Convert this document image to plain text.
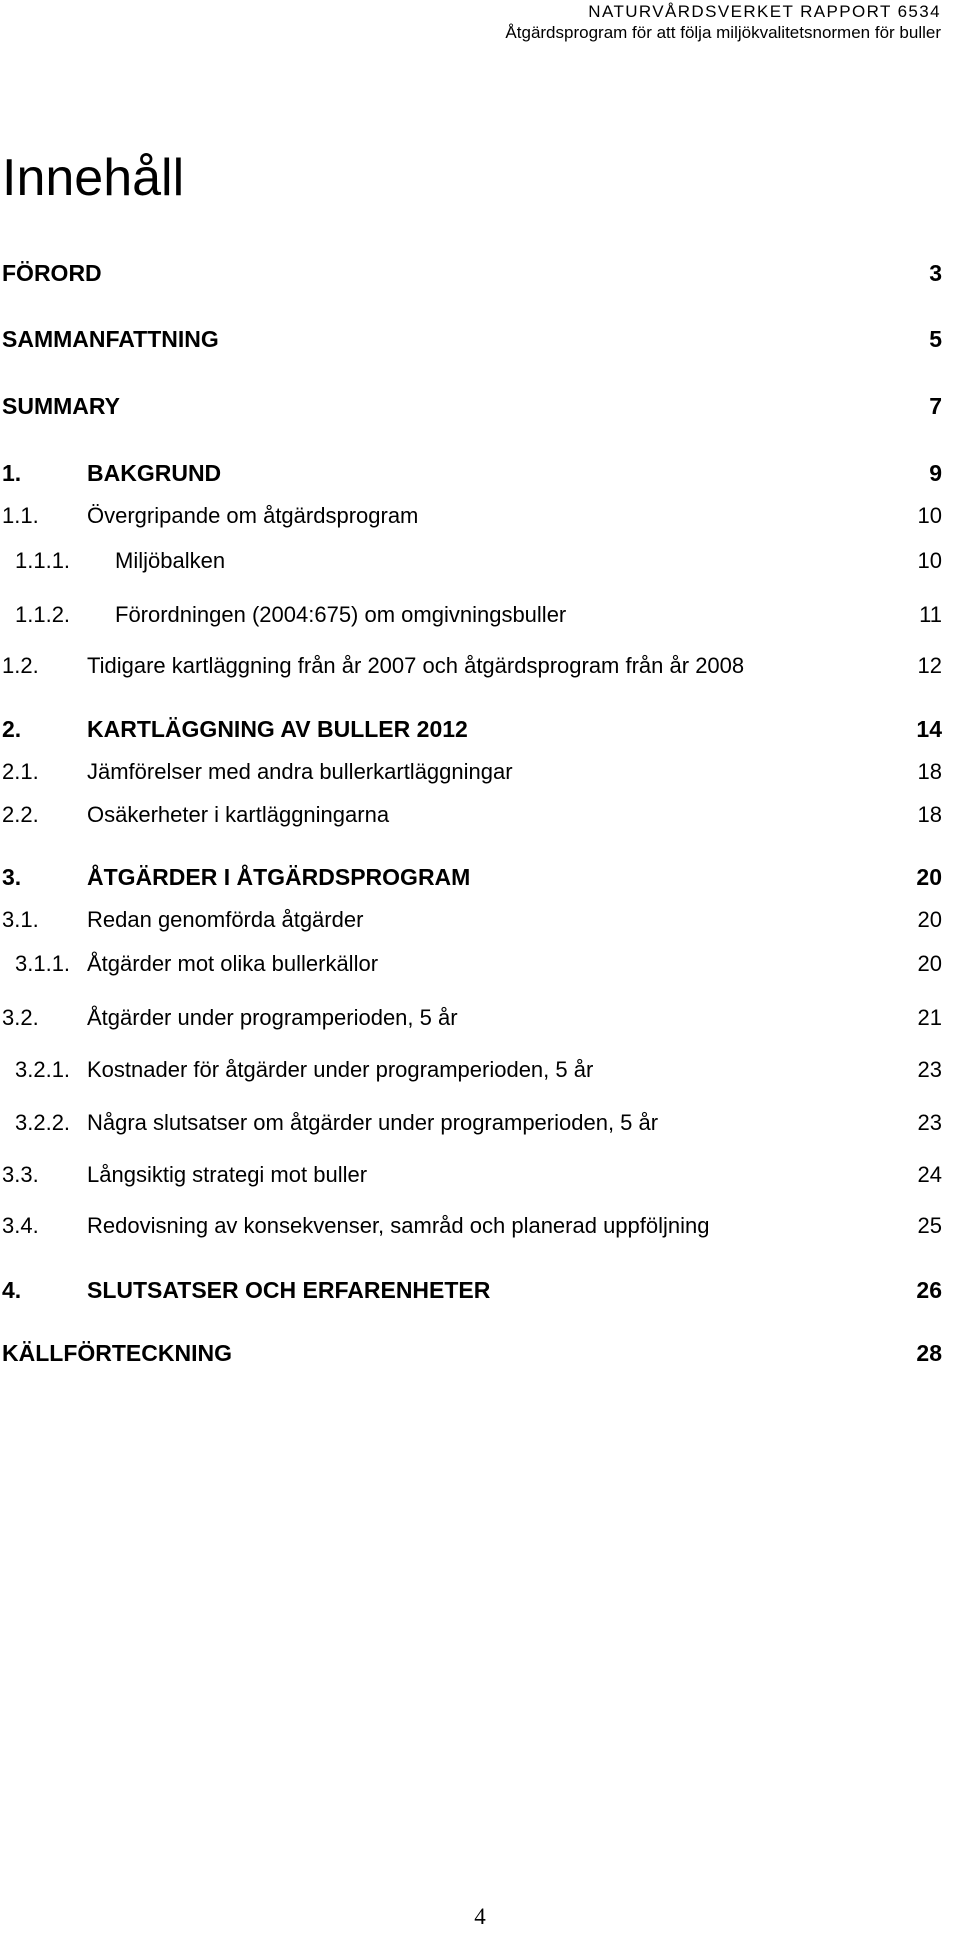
NATURVÅRDSVERKET RAPPORT 6534
Åtgärdsprogram för att följa miljökvalitetsnormen för buller
Innehåll
FÖRORD	3
SAMMANFATTNING	5
SUMMARY	7
1.	BAKGRUND	9
1.1. Övergripande om åtgärdsprogram	10
1.1.1. Miljöbalken	10
1.1.2. Förordningen (2004:675) om omgivningsbuller	11
1.2. Tidigare kartläggning från år 2007 och åtgärdsprogram från år 2008	12
2.	KARTLÄGGNING AV BULLER 2012	14
2.1. Jämförelser med andra bullerkartläggningar	18
2.2. Osäkerheter i kartläggningarna	18
3.	ÅTGÄRDER I ÅTGÄRDSPROGRAM	20
3.1. Redan genomförda åtgärder	20
3.1.1. Åtgärder mot olika bullerkällor	20
3.2. Åtgärder under programperioden, 5 år	21
3.2.1. Kostnader för åtgärder under programperioden, 5 år	23
3.2.2. Några slutsatser om åtgärder under programperioden, 5 år	23
3.3. Långsiktig strategi mot buller	24
3.4. Redovisning av konsekvenser, samråd och planerad uppföljning	25
4.	SLUTSATSER OCH ERFARENHETER	26
KÄLLFÖRTECKNING	28
4
